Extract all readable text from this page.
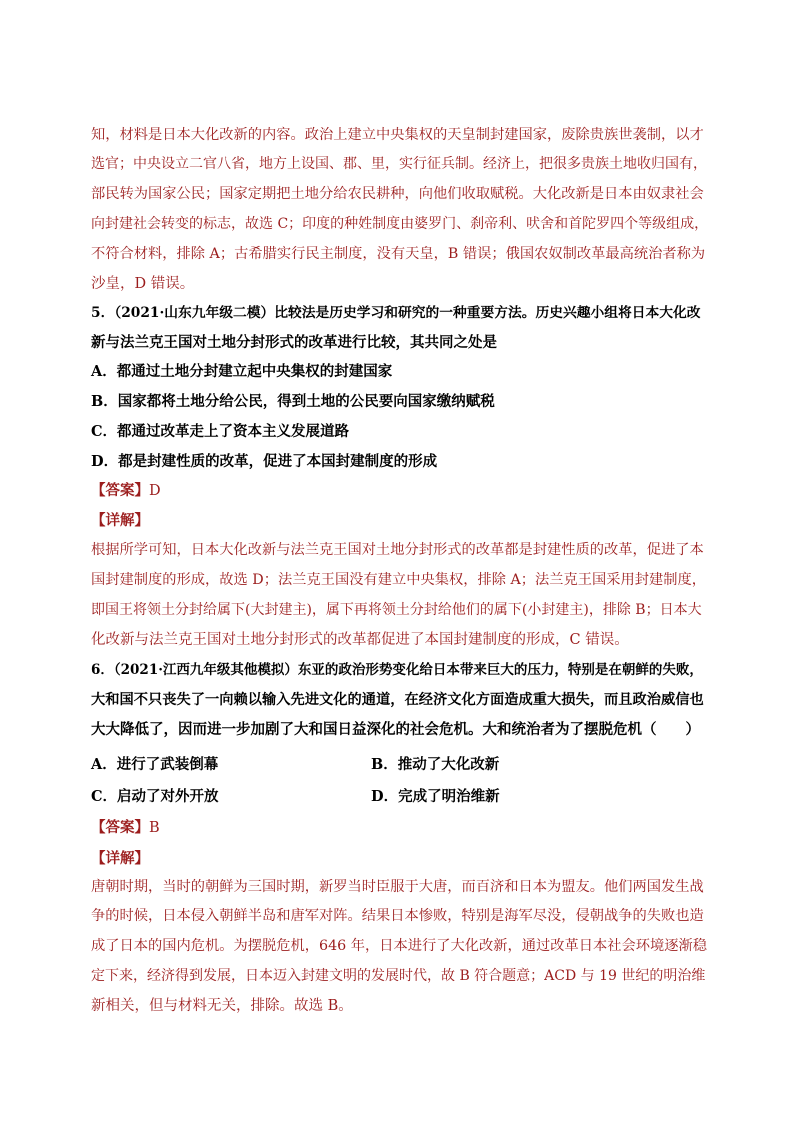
知，材料是日本大化改新的内容。政治上建立中央集权的天皇制封建国家，废除贵族世袭制，以才
选官；中央设立二官八省，地方上设国、郡、里，实行征兵制。经济上，把很多贵族土地收归国有，
部民转为国家公民；国家定期把土地分给农民耕种，向他们收取赋税。大化改新是日本由奴隶社会
向封建社会转变的标志，故选 C；印度的种姓制度由婆罗门、刹帝利、吠舍和首陀罗四个等级组成，
不符合材料，排除 A；古希腊实行民主制度，没有天皇，B 错误；俄国农奴制改革最高统治者称为
沙皇，D 错误。
5．（2021·山东九年级二模）比较法是历史学习和研究的一种重要方法。历史兴趣小组将日本大化改
新与法兰克王国对土地分封形式的改革进行比较，其共同之处是
A．都通过土地分封建立起中央集权的封建国家
B．国家都将土地分给公民，得到土地的公民要向国家缴纳赋税
C．都通过改革走上了资本主义发展道路
D．都是封建性质的改革，促进了本国封建制度的形成
【答案】D
【详解】
根据所学可知，日本大化改新与法兰克王国对土地分封形式的改革都是封建性质的改革，促进了本
国封建制度的形成，故选 D；法兰克王国没有建立中央集权，排除 A；法兰克王国采用封建制度，
即国王将领土分封给属下(大封建主)，属下再将领土分封给他们的属下(小封建主)，排除 B；日本大
化改新与法兰克王国对土地分封形式的改革都促进了本国封建制度的形成，C 错误。
6．（2021·江西九年级其他模拟）东亚的政治形势变化给日本带来巨大的压力，特别是在朝鲜的失败，
大和国不只丧失了一向赖以输入先进文化的通道，在经济文化方面造成重大损失，而且政治威信也
大大降低了，因而进一步加剧了大和国日益深化的社会危机。大和统治者为了摆脱危机（　　）
A．进行了武装倒幕	B．推动了大化改新
C．启动了对外开放	D．完成了明治维新
【答案】B
【详解】
唐朝时期，当时的朝鲜为三国时期，新罗当时臣服于大唐，而百济和日本为盟友。他们两国发生战
争的时候，日本侵入朝鲜半岛和唐军对阵。结果日本惨败，特别是海军尽没，侵朝战争的失败也造
成了日本的国内危机。为摆脱危机，646 年，日本进行了大化改新，通过改革日本社会环境逐渐稳
定下来，经济得到发展，日本迈入封建文明的发展时代，故 B 符合题意；ACD 与 19 世纪的明治维
新相关，但与材料无关，排除。故选 B。
